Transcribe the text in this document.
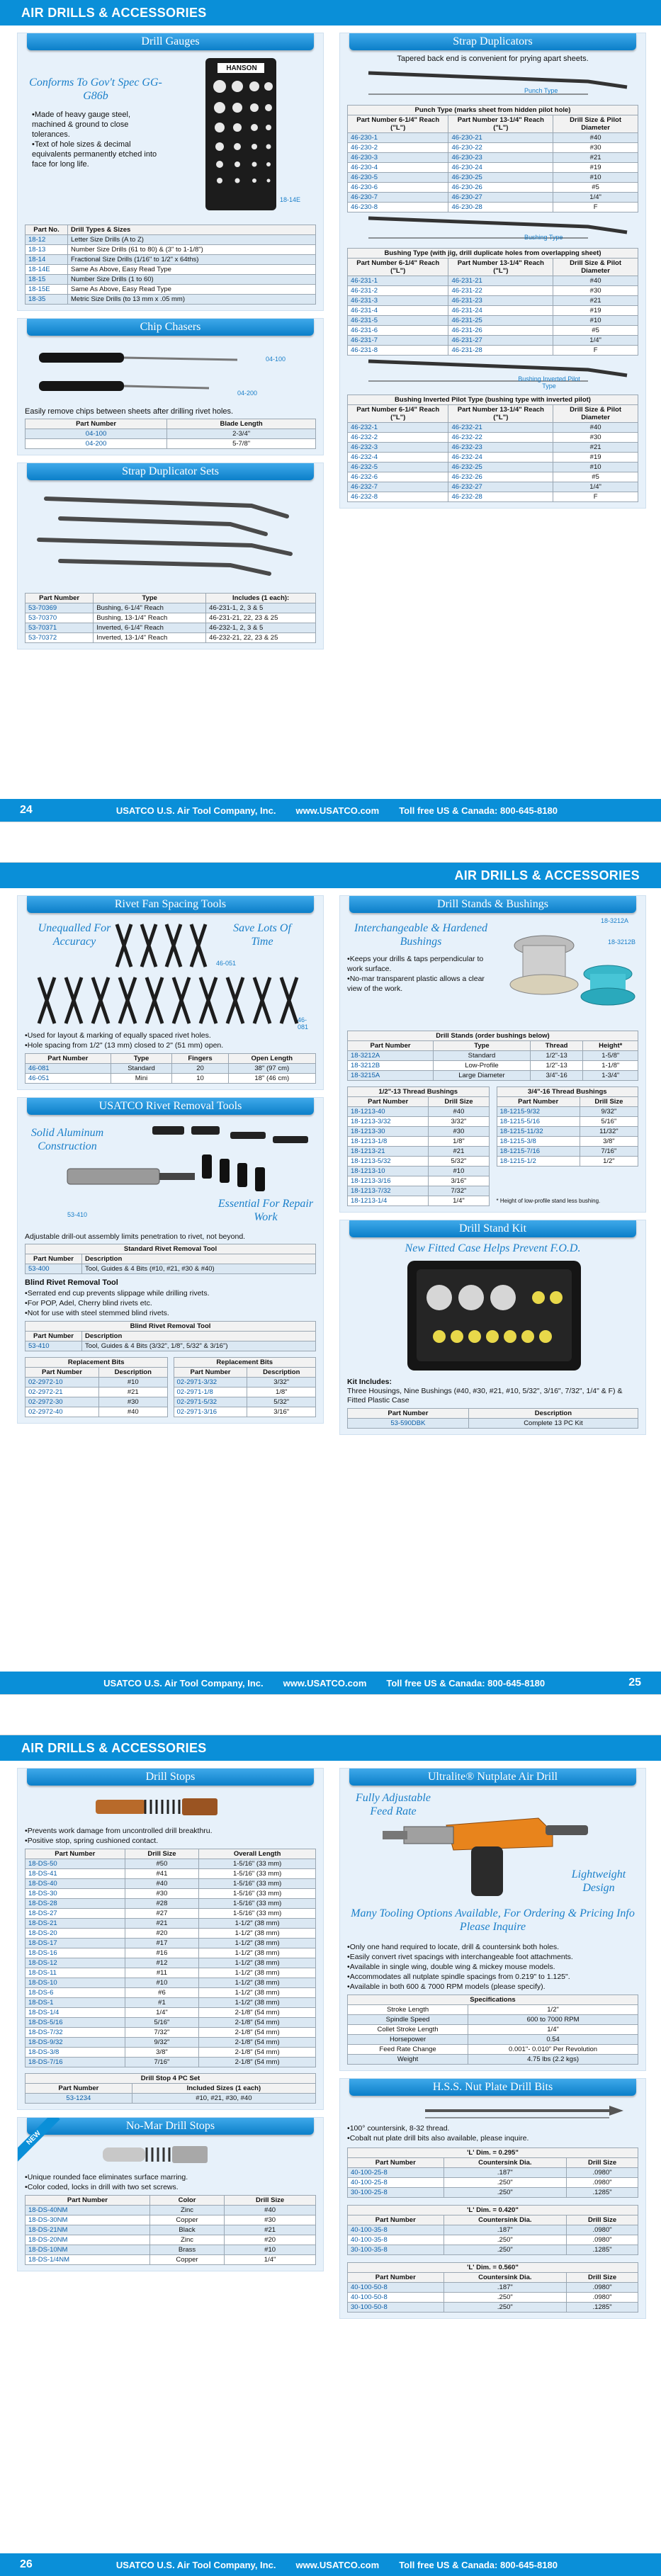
AIR DRILLS & ACCESSORIES
Drill Gauges
Conforms To Gov't Spec GG-G86b
• Made of heavy gauge steel, machined & ground to close tolerances.
• Text of hole sizes & decimal equivalents permanently etched into face for long life.
HANSON
18-14E
Part No.	Drill Types & Sizes
18-12	Letter Size Drills (A to Z)
18-13	Number Size Drills (61 to 80) & (3" to 1-1/8")
18-14	Fractional Size Drills (1/16" to 1/2" x 64ths)
18-14E	Same As Above, Easy Read Type
18-15	Number Size Drills (1 to 60)
18-15E	Same As Above, Easy Read Type
18-35	Metric Size Drills (to 13 mm x .05 mm)
Chip Chasers
04-100
04-200
Easily remove chips between sheets after drilling rivet holes.
Part Number	Blade Length
04-100	2-3/4"
04-200	5-7/8"
Strap Duplicator Sets
Part Number	Type	Includes (1 each):
53-70369	Bushing, 6-1/4" Reach	46-231-1, 2, 3 & 5
53-70370	Bushing, 13-1/4" Reach	46-231-21, 22, 23 & 25
53-70371	Inverted, 6-1/4" Reach	46-232-1, 2, 3 & 5
53-70372	Inverted, 13-1/4" Reach	46-232-21, 22, 23 & 25
Strap Duplicators
Tapered back end is convenient for prying apart sheets.
Punch Type
Punch Type (marks sheet from hidden pilot hole)
Part Number 6-1/4" Reach ("L")	Part Number 13-1/4" Reach ("L")	Drill Size & Pilot Diameter
46-230-1	46-230-21	#40
46-230-2	46-230-22	#30
46-230-3	46-230-23	#21
46-230-4	46-230-24	#19
46-230-5	46-230-25	#10
46-230-6	46-230-26	#5
46-230-7	46-230-27	1/4"
46-230-8	46-230-28	F
Bushing Type
Bushing Type (with jig, drill duplicate holes from overlapping sheet)
Part Number 6-1/4" Reach ("L")	Part Number 13-1/4" Reach ("L")	Drill Size & Pilot Diameter
46-231-1	46-231-21	#40
46-231-2	46-231-22	#30
46-231-3	46-231-23	#21
46-231-4	46-231-24	#19
46-231-5	46-231-25	#10
46-231-6	46-231-26	#5
46-231-7	46-231-27	1/4"
46-231-8	46-231-28	F
Bushing Inverted Pilot Type
Bushing Inverted Pilot Type (bushing type with inverted pilot)
Part Number 6-1/4" Reach ("L")	Part Number 13-1/4" Reach ("L")	Drill Size & Pilot Diameter
46-232-1	46-232-21	#40
46-232-2	46-232-22	#30
46-232-3	46-232-23	#21
46-232-4	46-232-24	#19
46-232-5	46-232-25	#10
46-232-6	46-232-26	#5
46-232-7	46-232-27	1/4"
46-232-8	46-232-28	F
24	USATCO U.S. Air Tool Company, Inc. www.USATCO.com Toll free US & Canada: 800-645-8180
AIR DRILLS & ACCESSORIES
Rivet Fan Spacing Tools
Unequalled For Accuracy
Save Lots Of Time
46-051
46-081
• Used for layout & marking of equally spaced rivet holes.
• Hole spacing from 1/2" (13 mm) closed to 2" (51 mm) open.
Part Number	Type	Fingers	Open Length
46-081	Standard	20	38" (97 cm)
46-051	Mini	10	18" (46 cm)
USATCO Rivet Removal Tools
Solid Aluminum Construction
Essential For Repair Work
53-410
Adjustable drill-out assembly limits penetration to rivet, not beyond.
Standard Rivet Removal Tool
Part Number	Description
53-400	Tool, Guides & 4 Bits (#10, #21, #30 & #40)
Blind Rivet Removal Tool
• Serrated end cup prevents slippage while drilling rivets.
• For POP, Adel, Cherry blind rivets etc.
• Not for use with steel stemmed blind rivets.
Blind Rivet Removal Tool
Part Number	Description
53-410	Tool, Guides & 4 Bits (3/32", 1/8", 5/32" & 3/16")
Replacement Bits
Part Number	Description
02-2972-10	#10
02-2972-21	#21
02-2972-30	#30
02-2972-40	#40
Replacement Bits
Part Number	Description
02-2971-3/32	3/32"
02-2971-1/8	1/8"
02-2971-5/32	5/32"
02-2971-3/16	3/16"
Drill Stands & Bushings
Interchangeable & Hardened Bushings
• Keeps your drills & taps perpendicular to work surface.
• No-mar transparent plastic allows a clear view of the work.
18-3212A
18-3212B
Drill Stands (order bushings below)
Part Number	Type	Thread	Height*
18-3212A	Standard	1/2"-13	1-5/8"
18-3212B	Low-Profile	1/2"-13	1-1/8"
18-3215A	Large Diameter	3/4"-16	1-3/4"
1/2"-13 Thread Bushings
Part Number	Drill Size
18-1213-40	#40
18-1213-3/32	3/32"
18-1213-30	#30
18-1213-1/8	1/8"
18-1213-21	#21
18-1213-5/32	5/32"
18-1213-10	#10
18-1213-3/16	3/16"
18-1213-7/32	7/32"
18-1213-1/4	1/4"
3/4"-16 Thread Bushings
Part Number	Drill Size
18-1215-9/32	9/32"
18-1215-5/16	5/16"
18-1215-11/32	11/32"
18-1215-3/8	3/8"
18-1215-7/16	7/16"
18-1215-1/2	1/2"
* Height of low-profile stand less bushing.
Drill Stand Kit
New Fitted Case Helps Prevent F.O.D.
Kit Includes:
Three Housings, Nine Bushings (#40, #30, #21, #10, 5/32", 3/16", 7/32", 1/4" & F) & Fitted Plastic Case
Part Number	Description
53-590DBK	Complete 13 PC Kit
USATCO U.S. Air Tool Company, Inc. www.USATCO.com Toll free US & Canada: 800-645-8180	25
AIR DRILLS & ACCESSORIES
Drill Stops
• Prevents work damage from uncontrolled drill breakthru.
• Positive stop, spring cushioned contact.
Part Number	Drill Size	Overall Length
18-DS-50	#50	1-5/16" (33 mm)
18-DS-41	#41	1-5/16" (33 mm)
18-DS-40	#40	1-5/16" (33 mm)
18-DS-30	#30	1-5/16" (33 mm)
18-DS-28	#28	1-5/16" (33 mm)
18-DS-27	#27	1-5/16" (33 mm)
18-DS-21	#21	1-1/2" (38 mm)
18-DS-20	#20	1-1/2" (38 mm)
18-DS-17	#17	1-1/2" (38 mm)
18-DS-16	#16	1-1/2" (38 mm)
18-DS-12	#12	1-1/2" (38 mm)
18-DS-11	#11	1-1/2" (38 mm)
18-DS-10	#10	1-1/2" (38 mm)
18-DS-6	#6	1-1/2" (38 mm)
18-DS-1	#1	1-1/2" (38 mm)
18-DS-1/4	1/4"	2-1/8" (54 mm)
18-DS-5/16	5/16"	2-1/8" (54 mm)
18-DS-7/32	7/32"	2-1/8" (54 mm)
18-DS-9/32	9/32"	2-1/8" (54 mm)
18-DS-3/8	3/8"	2-1/8" (54 mm)
18-DS-7/16	7/16"	2-1/8" (54 mm)
Drill Stop 4 PC Set
Part Number	Included Sizes (1 each)
53-1234	#10, #21, #30, #40
NEW
No-Mar Drill Stops
• Unique rounded face eliminates surface marring.
• Color coded, locks in drill with two set screws.
Part Number	Color	Drill Size
18-DS-40NM	Zinc	#40
18-DS-30NM	Copper	#30
18-DS-21NM	Black	#21
18-DS-20NM	Zinc	#20
18-DS-10NM	Brass	#10
18-DS-1/4NM	Copper	1/4"
Ultralite® Nutplate Air Drill
Fully Adjustable Feed Rate
Lightweight Design
Many Tooling Options Available, For Ordering & Pricing Info Please Inquire
• Only one hand required to locate, drill & countersink both holes.
• Easily convert rivet spacings with interchangeable foot attachments.
• Available in single wing, double wing & mickey mouse models.
• Accommodates all nutplate spindle spacings from 0.219" to 1.125".
• Available in both 600 & 7000 RPM models (please specify).
Specifications
Stroke Length	1/2"
Spindle Speed	600 to 7000 RPM
Collet Stroke Length	1/4"
Horsepower	0.54
Feed Rate Change	0.001"- 0.010" Per Revolution
Weight	4.75 lbs (2.2 kgs)
H.S.S. Nut Plate Drill Bits
• 100° countersink, 8-32 thread.
• Cobalt nut plate drill bits also available, please inquire.
'L' Dim. = 0.295"
Part Number	Countersink Dia.	Drill Size
40-100-25-8	.187"	.0980"
40-100-25-8	.250"	.0980"
30-100-25-8	.250"	.1285"
'L' Dim. = 0.420"
Part Number	Countersink Dia.	Drill Size
40-100-35-8	.187"	.0980"
40-100-35-8	.250"	.0980"
30-100-35-8	.250"	.1285"
'L' Dim. = 0.560"
Part Number	Countersink Dia.	Drill Size
40-100-50-8	.187"	.0980"
40-100-50-8	.250"	.0980"
30-100-50-8	.250"	.1285"
26	USATCO U.S. Air Tool Company, Inc. www.USATCO.com Toll free US & Canada: 800-645-8180
